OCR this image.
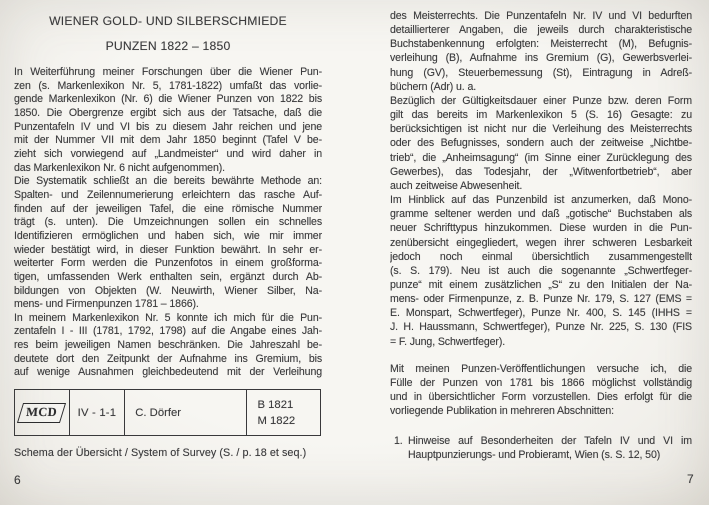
WIENER GOLD- UND SILBERSCHMIEDE
PUNZEN 1822 – 1850
In Weiterführung meiner Forschungen über die Wiener Pun-
zen (s. Markenlexikon Nr. 5, 1781-1822) umfaßt das vorlie-
gende Markenlexikon (Nr. 6) die Wiener Punzen von 1822 bis
1850. Die Obergrenze ergibt sich aus der Tatsache, daß die
Punzentafeln IV und VI bis zu diesem Jahr reichen und jene
mit der Nummer VII mit dem Jahr 1850 beginnt (Tafel V be-
zieht sich vorwiegend auf „Landmeister“ und wird daher in
das Markenlexikon Nr. 6 nicht aufgenommen).
Die Systematik schließt an die bereits bewährte Methode an:
Spalten- und Zeilennumerierung erleichtern das rasche Auf-
finden auf der jeweiligen Tafel, die eine römische Nummer
trägt (s. unten). Die Umzeichnungen sollen ein schnelles
Identifizieren ermöglichen und haben sich, wie mir immer
wieder bestätigt wird, in dieser Funktion bewährt. In sehr er-
weiterter Form werden die Punzenfotos in einem großforma-
tigen, umfassenden Werk enthalten sein, ergänzt durch Ab-
bildungen von Objekten (W. Neuwirth, Wiener Silber, Na-
mens- und Firmenpunzen 1781 – 1866).
In meinem Markenlexikon Nr. 5 konnte ich mich für die Pun-
zentafeln I - III (1781, 1792, 1798) auf die Angabe eines Jah-
res beim jeweiligen Namen beschränken. Die Jahreszahl be-
deutete dort den Zeitpunkt der Aufnahme ins Gremium, bis
auf wenige Ausnahmen gleichbedeutend mit der Verleihung
MCD	IV - 1-1	C. Dörfer
B 1821
M 1822
Schema der Übersicht / System of Survey (S. / p. 18 et seq.)
6
des Meisterrechts. Die Punzentafeln Nr. IV und VI bedurften
detaillierterer Angaben, die jeweils durch charakteristische
Buchstabenkennung erfolgten: Meisterrecht (M), Befugnis-
verleihung (B), Aufnahme ins Gremium (G), Gewerbsverlei-
hung (GV), Steuerbemessung (St), Eintragung in Adreß-
büchern (Adr) u. a.
Bezüglich der Gültigkeitsdauer einer Punze bzw. deren Form
gilt das bereits im Markenlexikon 5 (S. 16) Gesagte: zu
berücksichtigen ist nicht nur die Verleihung des Meisterrechts
oder des Befugnisses, sondern auch der zeitweise „Nichtbe-
trieb“, die „Anheimsagung“ (im Sinne einer Zurücklegung des
Gewerbes), das Todesjahr, der „Witwenfortbetrieb“, aber
auch zeitweise Abwesenheit.
Im Hinblick auf das Punzenbild ist anzumerken, daß Mono-
gramme seltener werden und daß „gotische“ Buchstaben als
neuer Schrifttypus hinzukommen. Diese wurden in die Pun-
zenübersicht eingegliedert, wegen ihrer schweren Lesbarkeit
jedoch noch einmal übersichtlich zusammengestellt
(s. S. 179). Neu ist auch die sogenannte „Schwertfeger-
punze“ mit einem zusätzlichen „S“ zu den Initialen der Na-
mens- oder Firmenpunze, z. B. Punze Nr. 179, S. 127 (EMS =
E. Monspart, Schwertfeger), Punze Nr. 400, S. 145 (IHHS =
J. H. Haussmann, Schwertfeger), Punze Nr. 225, S. 130 (FIS
= F. Jung, Schwertfeger).
Mit meinen Punzen-Veröffentlichungen versuche ich, die
Fülle der Punzen von 1781 bis 1866 möglichst vollständig
und in übersichtlicher Form vorzustellen. Dies erfolgt für die
vorliegende Publikation in mehreren Abschnitten:
1. Hinweise auf Besonderheiten der Tafeln IV und VI im
Hauptpunzierungs- und Probieramt, Wien (s. S. 12, 50)
7
